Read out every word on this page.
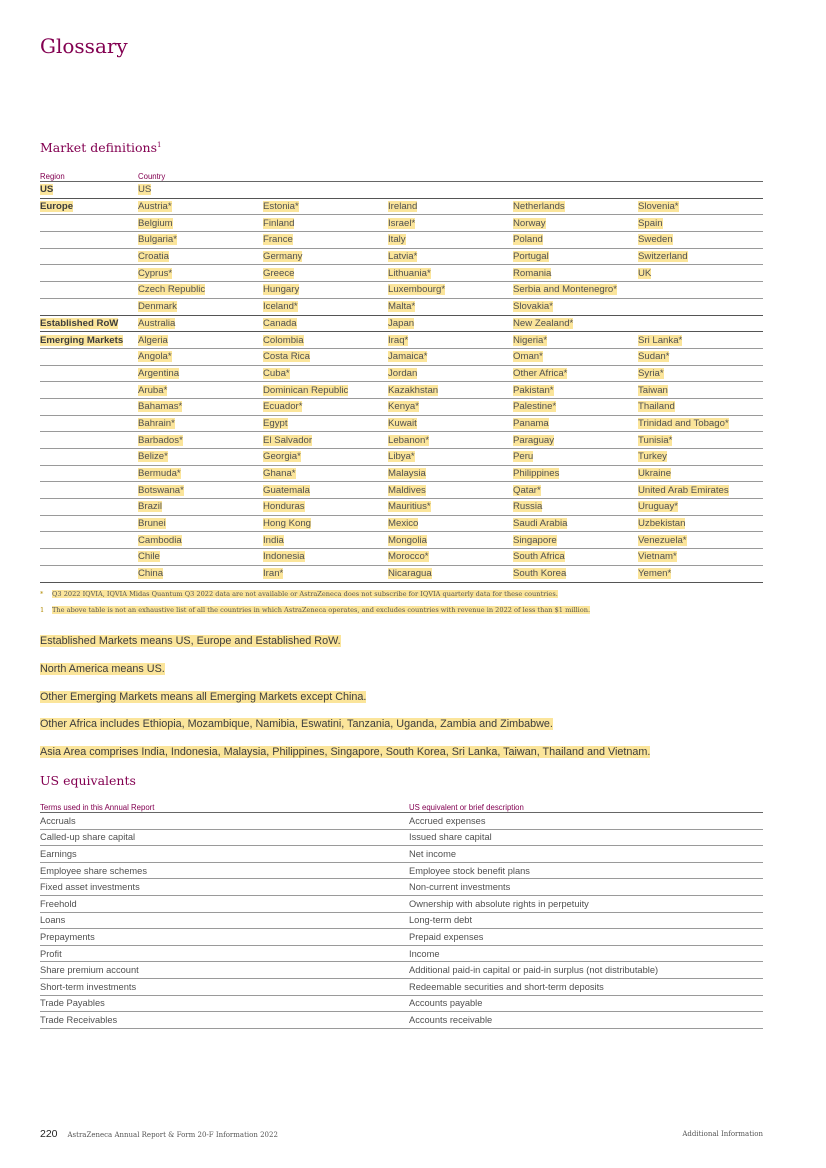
Glossary
Market definitions$^1$
Region	Country				
US	US				
Europe	Austria*	Estonia*	Ireland	Netherlands	Slovenia*
	Belgium	Finland	Israel*	Norway	Spain
	Bulgaria*	France	Italy	Poland	Sweden
	Croatia	Germany	Latvia*	Portugal	Switzerland
	Cyprus*	Greece	Lithuania*	Romania	UK
	Czech Republic	Hungary	Luxembourg*	Serbia and Montenegro*	
	Denmark	Iceland*	Malta*	Slovakia*	
Established RoW	Australia	Canada	Japan	New Zealand*	
Emerging Markets	Algeria	Colombia	Iraq*	Nigeria*	Sri Lanka*
	Angola*	Costa Rica	Jamaica*	Oman*	Sudan*
	Argentina	Cuba*	Jordan	Other Africa*	Syria*
	Aruba*	Dominican Republic	Kazakhstan	Pakistan*	Taiwan
	Bahamas*	Ecuador*	Kenya*	Palestine*	Thailand
	Bahrain*	Egypt	Kuwait	Panama	Trinidad and Tobago*
	Barbados*	El Salvador	Lebanon*	Paraguay	Tunisia*
	Belize*	Georgia*	Libya*	Peru	Turkey
	Bermuda*	Ghana*	Malaysia	Philippines	Ukraine
	Botswana*	Guatemala	Maldives	Qatar*	United Arab Emirates
	Brazil	Honduras	Mauritius*	Russia	Uruguay*
	Brunei	Hong Kong	Mexico	Saudi Arabia	Uzbekistan
	Cambodia	India	Mongolia	Singapore	Venezuela*
	Chile	Indonesia	Morocco*	South Africa	Vietnam*
	China	Iran*	Nicaragua	South Korea	Yemen*

* Q3 2022 IQVIA, IQVIA Midas Quantum Q3 2022 data are not available or AstraZeneca does not subscribe for IQVIA quarterly data for these countries.

1 The above table is not an exhaustive list of all the countries in which AstraZeneca operates, and excludes countries with revenue in 2022 of less than $1 million.

Established Markets means US, Europe and Established RoW.

North America means US.

Other Emerging Markets means all Emerging Markets except China.

Other Africa includes Ethiopia, Mozambique, Namibia, Eswatini, Tanzania, Uganda, Zambia and Zimbabwe.

Asia Area comprises India, Indonesia, Malaysia, Philippines, Singapore, South Korea, Sri Lanka, Taiwan, Thailand and Vietnam.

US equivalents
Terms used in this Annual Report	US equivalent or brief description
Accruals	Accrued expenses
Called-up share capital	Issued share capital
Earnings	Net income
Employee share schemes	Employee stock benefit plans
Fixed asset investments	Non-current investments
Freehold	Ownership with absolute rights in perpetuity
Loans	Long-term debt
Prepayments	Prepaid expenses
Profit	Income
Share premium account	Additional paid-in capital or paid-in surplus (not distributable)
Short-term investments	Redeemable securities and short-term deposits
Trade Payables	Accounts payable
Trade Receivables	Accounts receivable
220 AstraZeneca Annual Report & Form 20-F Information 2022	Additional Information
